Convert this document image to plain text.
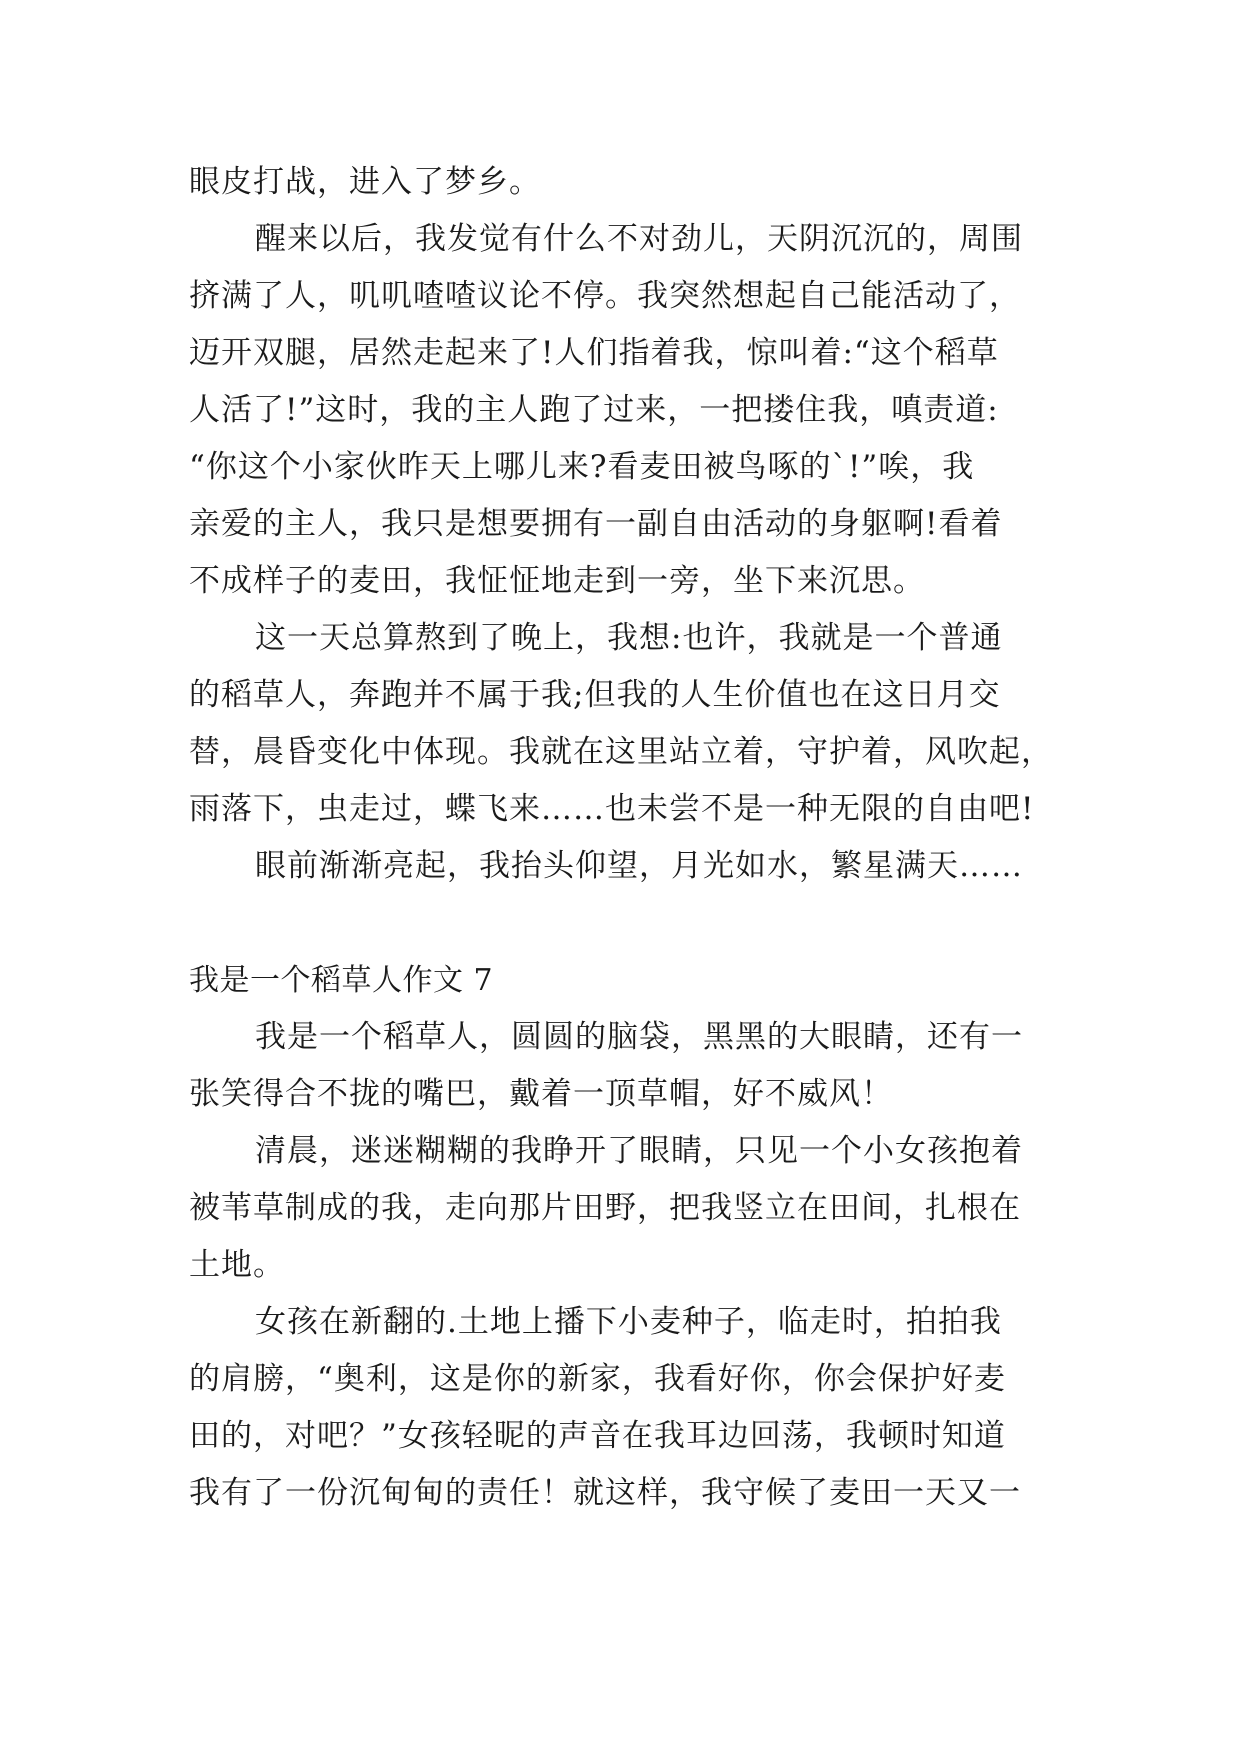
眼皮打战，进入了梦乡。
醒来以后，我发觉有什么不对劲儿，天阴沉沉的，周围
挤满了人，叽叽喳喳议论不停。我突然想起自己能活动了，
迈开双腿，居然走起来了!人们指着我，惊叫着:“这个稻草
人活了!”这时，我的主人跑了过来，一把搂住我，嗔责道:
“你这个小家伙昨天上哪儿来?看麦田被鸟啄的`!”唉，我
亲爱的主人，我只是想要拥有一副自由活动的身躯啊!看着
不成样子的麦田，我怔怔地走到一旁，坐下来沉思。
这一天总算熬到了晚上，我想:也许，我就是一个普通
的稻草人，奔跑并不属于我;但我的人生价值也在这日月交
替，晨昏变化中体现。我就在这里站立着，守护着，风吹起，
雨落下，虫走过，蝶飞来……也未尝不是一种无限的自由吧!
眼前渐渐亮起，我抬头仰望，月光如水，繁星满天……
我是一个稻草人作文 7
我是一个稻草人，圆圆的脑袋，黑黑的大眼睛，还有一
张笑得合不拢的嘴巴，戴着一顶草帽，好不威风！
清晨，迷迷糊糊的我睁开了眼睛，只见一个小女孩抱着
被苇草制成的我，走向那片田野，把我竖立在田间，扎根在
土地。
女孩在新翻的.土地上播下小麦种子，临走时，拍拍我
的肩膀，“奥利，这是你的新家，我看好你，你会保护好麦
田的，对吧？”女孩轻昵的声音在我耳边回荡，我顿时知道
我有了一份沉甸甸的责任！就这样，我守候了麦田一天又一
